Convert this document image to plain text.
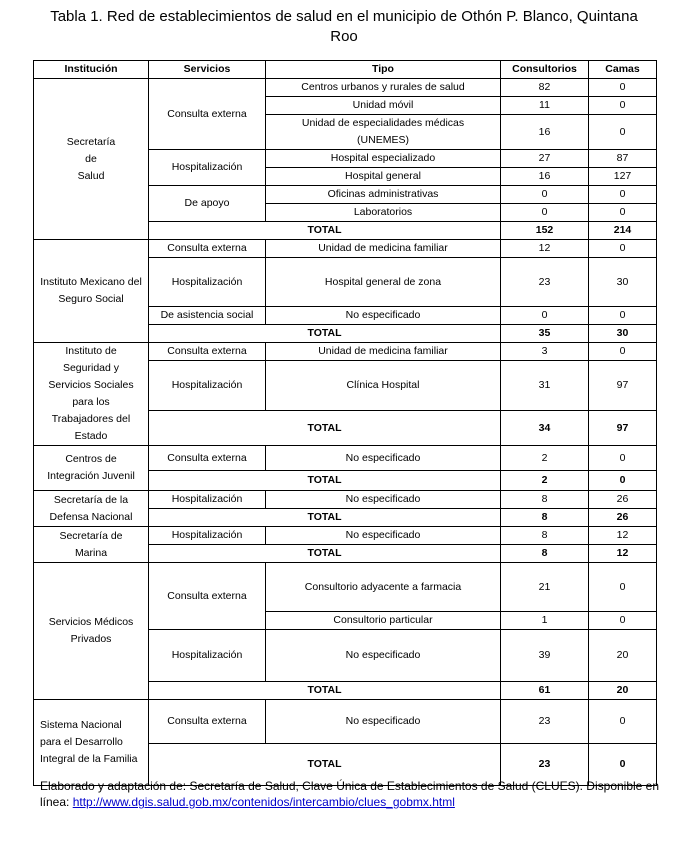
Tabla 1. Red de establecimientos de salud en el municipio de Othón P. Blanco, Quintana Roo
Institución	Servicios	Tipo	Consultorios	Camas
Secretaría
de
Salud	Consulta externa	Centros urbanos y rurales de salud	82	0
		Unidad móvil	11	0
		Unidad de especialidades médicas (UNEMES)	16	0
	Hospitalización	Hospital especializado	27	87
		Hospital general	16	127
	De apoyo	Oficinas administrativas	0	0
		Laboratorios	0	0
	TOTAL		152	214
Instituto Mexicano del Seguro Social	Consulta externa	Unidad de medicina familiar	12	0
	Hospitalización	Hospital general de zona	23	30
	De asistencia social	No especificado	0	0
	TOTAL		35	30
Instituto de Seguridad y Servicios Sociales para los Trabajadores del Estado	Consulta externa	Unidad de medicina familiar	3	0
	Hospitalización	Clínica Hospital	31	97
	TOTAL		34	97
Centros de Integración Juvenil	Consulta externa	No especificado	2	0
	TOTAL		2	0
Secretaría de la Defensa Nacional	Hospitalización	No especificado	8	26
	TOTAL		8	26
Secretaría de Marina	Hospitalización	No especificado	8	12
	TOTAL		8	12
Servicios Médicos Privados	Consulta externa	Consultorio adyacente a farmacia	21	0
		Consultorio particular	1	0
	Hospitalización	No especificado	39	20
	TOTAL		61	20
Sistema Nacional para el Desarrollo Integral de la Familia	Consulta externa	No especificado	23	0
	TOTAL		23	0
Elaborado y adaptación de: Secretaría de Salud, Clave Única de Establecimientos de Salud (CLUES). Disponible en línea: http://www.dgis.salud.gob.mx/contenidos/intercambio/clues_gobmx.html
